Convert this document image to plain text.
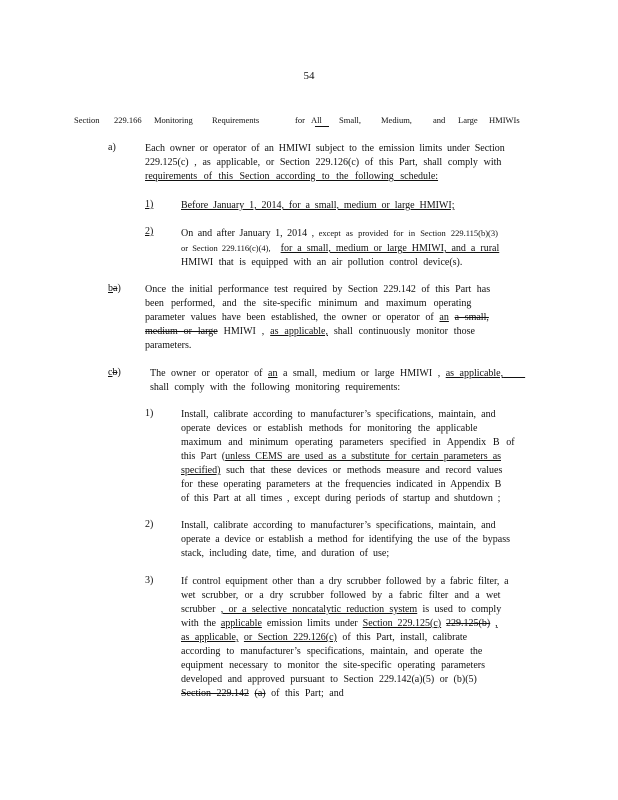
54
Section 229.166 Monitoring Requirements	for All Small, Medium, and Large HMIWIs
a)	Each owner or operator of an HMIWI subject to the emission limits under Section
229.125(c) , as applicable, or Section 229.126(c) of this Part, shall comply with
requirements of this Section according to the following schedule:
1)	Before January 1, 2014, for a small, medium or large HMIWI;
2)	On and after January 1, 2014 , except as provided for in Section 229.115(b)(3)
or Section 229.116(c)(4), for a small, medium or large HMIWI, and a rural
HMIWI that is equipped with an air pollution control device(s).
ba) Once the initial performance test required by Section 229.142 of this Part has
been performed, and the site-specific minimum and maximum operating
parameter values have been established, the owner or operator of an a small,
medium or large HMIWI , as applicable, shall continuously monitor those
parameters.
cb)	The owner or operator of an a small, medium or large HMIWI , as applicable,
shall comply with the following monitoring requirements:
1)	Install, calibrate according to manufacturer’s specifications, maintain, and
operate devices or establish methods for monitoring the applicable
maximum and minimum operating parameters specified in Appendix B of
this Part (unless CEMS are used as a substitute for certain parameters as
specified) such that these devices or methods measure and record values
for these operating parameters at the frequencies indicated in Appendix B
of this Part at all times , except during periods of startup and shutdown ;
2)	Install, calibrate according to manufacturer’s specifications, maintain, and
operate a device or establish a method for identifying the use of the bypass
stack, including date, time, and duration of use;
3)	If control equipment other than a dry scrubber followed by a fabric filter, a
wet scrubber, or a dry scrubber followed by a fabric filter and a wet
scrubber , or a selective noncatalytic reduction system is used to comply
with the applicable emission limits under Section 229.125(c) 229.125(b) ,
as applicable, or Section 229.126(c) of this Part, install, calibrate
according to manufacturer’s specifications, maintain, and operate the
equipment necessary to monitor the site-specific operating parameters
developed and approved pursuant to Section 229.142(a)(5) or (b)(5)
Section 229.142 (a) of this Part; and
